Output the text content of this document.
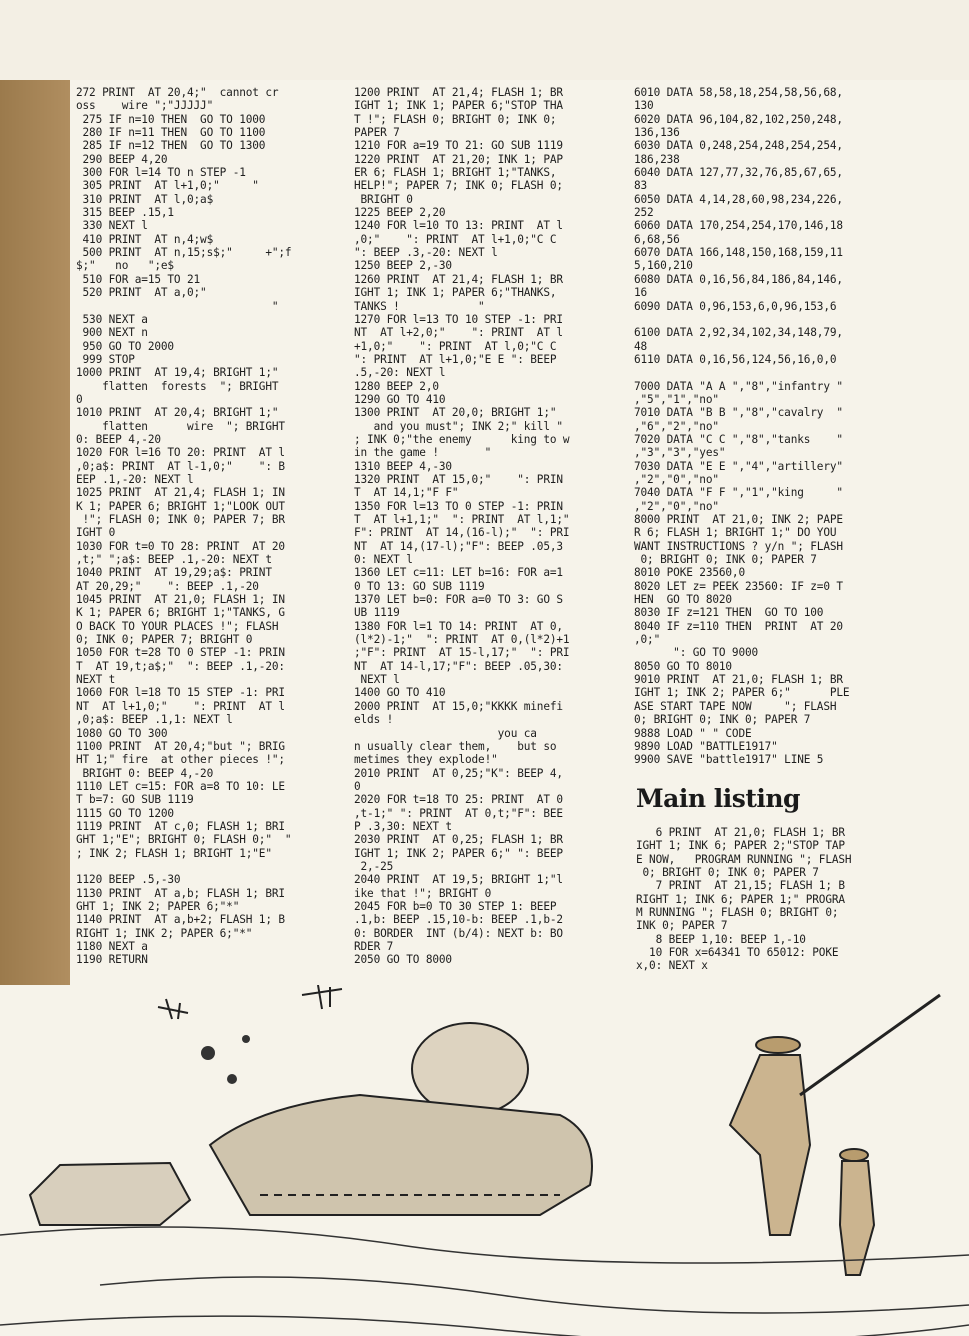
272 PRINT  AT 20,4;"  cannot cr
oss    wire ";"JJJJJ"
275 IF n=10 THEN  GO TO 1000
280 IF n=11 THEN  GO TO 1100
285 IF n=12 THEN  GO TO 1300
290 BEEP 4,20
300 FOR l=14 TO n STEP -1
305 PRINT  AT l+1,0;"     "
310 PRINT  AT l,0;a$
315 BEEP .15,1
330 NEXT l
410 PRINT  AT n,4;w$
500 PRINT  AT n,15;s$;"     +";f
$;"   no   ";e$
510 FOR a=15 TO 21
520 PRINT  AT a,0;"
"
530 NEXT a
900 NEXT n
950 GO TO 2000
999 STOP
1000 PRINT  AT 19,4; BRIGHT 1;"
flatten  forests  "; BRIGHT
0
1010 PRINT  AT 20,4; BRIGHT 1;"
flatten      wire  "; BRIGHT
0: BEEP 4,-20
1020 FOR l=16 TO 20: PRINT  AT l
,0;a$: PRINT  AT l-1,0;"    ": B
EEP .1,-20: NEXT l
1025 PRINT  AT 21,4; FLASH 1; IN
K 1; PAPER 6; BRIGHT 1;"LOOK OUT
!"; FLASH 0; INK 0; PAPER 7; BR
IGHT 0
1030 FOR t=0 TO 28: PRINT  AT 20
,t;" ";a$: BEEP .1,-20: NEXT t
1040 PRINT  AT 19,29;a$: PRINT
AT 20,29;"    ": BEEP .1,-20
1045 PRINT  AT 21,0; FLASH 1; IN
K 1; PAPER 6; BRIGHT 1;"TANKS, G
O BACK TO YOUR PLACES !"; FLASH
0; INK 0; PAPER 7; BRIGHT 0
1050 FOR t=28 TO 0 STEP -1: PRIN
T  AT 19,t;a$;"  ": BEEP .1,-20:
NEXT t
1060 FOR l=18 TO 15 STEP -1: PRI
NT  AT l+1,0;"    ": PRINT  AT l
,0;a$: BEEP .1,1: NEXT l
1080 GO TO 300
1100 PRINT  AT 20,4;"but "; BRIG
HT 1;" fire  at other pieces !";
BRIGHT 0: BEEP 4,-20
1110 LET c=15: FOR a=8 TO 10: LE
T b=7: GO SUB 1119
1115 GO TO 1200
1119 PRINT  AT c,0; FLASH 1; BRI
GHT 1;"E"; BRIGHT 0; FLASH 0;"  "
; INK 2; FLASH 1; BRIGHT 1;"E"
1120 BEEP .5,-30
1130 PRINT  AT a,b; FLASH 1; BRI
GHT 1; INK 2; PAPER 6;"*"
1140 PRINT  AT a,b+2; FLASH 1; B
RIGHT 1; INK 2; PAPER 6;"*"
1180 NEXT a
1190 RETURN
1200 PRINT  AT 21,4; FLASH 1; BR
IGHT 1; INK 1; PAPER 6;"STOP THA
T !"; FLASH 0; BRIGHT 0; INK 0;
PAPER 7
1210 FOR a=19 TO 21: GO SUB 1119
1220 PRINT  AT 21,20; INK 1; PAP
ER 6; FLASH 1; BRIGHT 1;"TANKS,
HELP!"; PAPER 7; INK 0; FLASH 0;
BRIGHT 0
1225 BEEP 2,20
1240 FOR l=10 TO 13: PRINT  AT l
,0;"    ": PRINT  AT l+1,0;"C C
": BEEP .3,-20: NEXT l
1250 BEEP 2,-30
1260 PRINT  AT 21,4; FLASH 1; BR
IGHT 1; INK 1; PAPER 6;"THANKS,
TANKS !            "
1270 FOR l=13 TO 10 STEP -1: PRI
NT  AT l+2,0;"    ": PRINT  AT l
+1,0;"    ": PRINT  AT l,0;"C C
": PRINT  AT l+1,0;"E E ": BEEP
.5,-20: NEXT l
1280 BEEP 2,0
1290 GO TO 410
1300 PRINT  AT 20,0; BRIGHT 1;"
and you must"; INK 2;" kill "
; INK 0;"the enemy      king to w
in the game !       "
1310 BEEP 4,-30
1320 PRINT  AT 15,0;"    ": PRIN
T  AT 14,1;"F F"
1350 FOR l=13 TO 0 STEP -1: PRIN
T  AT l+1,1;"  ": PRINT  AT l,1;"
F": PRINT  AT 14,(16-l);"  ": PRI
NT  AT 14,(17-l);"F": BEEP .05,3
0: NEXT l
1360 LET c=11: LET b=16: FOR a=1
0 TO 13: GO SUB 1119
1370 LET b=0: FOR a=0 TO 3: GO S
UB 1119
1380 FOR l=1 TO 14: PRINT  AT 0,
(l*2)-1;"  ": PRINT  AT 0,(l*2)+1
;"F": PRINT  AT 15-l,17;"  ": PRI
NT  AT 14-l,17;"F": BEEP .05,30:
NEXT l
1400 GO TO 410
2000 PRINT  AT 15,0;"KKKK minefi
elds !
you ca
n usually clear them,    but so
metimes they explode!"
2010 PRINT  AT 0,25;"K": BEEP 4,
0
2020 FOR t=18 TO 25: PRINT  AT 0
,t-1;" ": PRINT  AT 0,t;"F": BEE
P .3,30: NEXT t
2030 PRINT  AT 0,25; FLASH 1; BR
IGHT 1; INK 2; PAPER 6;" ": BEEP
2,-25
2040 PRINT  AT 19,5; BRIGHT 1;"l
ike that !"; BRIGHT 0
2045 FOR b=0 TO 30 STEP 1: BEEP
.1,b: BEEP .15,10-b: BEEP .1,b-2
0: BORDER  INT (b/4): NEXT b: BO
RDER 7
2050 GO TO 8000
6010 DATA 58,58,18,254,58,56,68,
130
6020 DATA 96,104,82,102,250,248,
136,136
6030 DATA 0,248,254,248,254,254,
186,238
6040 DATA 127,77,32,76,85,67,65,
83
6050 DATA 4,14,28,60,98,234,226,
252
6060 DATA 170,254,254,170,146,18
6,68,56
6070 DATA 166,148,150,168,159,11
5,160,210
6080 DATA 0,16,56,84,186,84,146,
16
6090 DATA 0,96,153,6,0,96,153,6
6100 DATA 2,92,34,102,34,148,79,
48
6110 DATA 0,16,56,124,56,16,0,0
7000 DATA "A A ","8","infantry "
,"5","1","no"
7010 DATA "B B ","8","cavalry  "
,"6","2","no"
7020 DATA "C C ","8","tanks    "
,"3","3","yes"
7030 DATA "E E ","4","artillery"
,"2","0","no"
7040 DATA "F F ","1","king     "
,"2","0","no"
8000 PRINT  AT 21,0; INK 2; PAPE
R 6; FLASH 1; BRIGHT 1;" DO YOU
WANT INSTRUCTIONS ? y/n "; FLASH
0; BRIGHT 0; INK 0; PAPER 7
8010 POKE 23560,0
8020 LET z= PEEK 23560: IF z=0 T
HEN  GO TO 8020
8030 IF z=121 THEN  GO TO 100
8040 IF z=110 THEN  PRINT  AT 20
,0;"
": GO TO 9000
8050 GO TO 8010
9010 PRINT  AT 21,0; FLASH 1; BR
IGHT 1; INK 2; PAPER 6;"      PLE
ASE START TAPE NOW     "; FLASH
0; BRIGHT 0; INK 0; PAPER 7
9888 LOAD " " CODE
9890 LOAD "BATTLE1917"
9900 SAVE "battle1917" LINE 5
Main listing
6 PRINT  AT 21,0; FLASH 1; BR
IGHT 1; INK 6; PAPER 2;"STOP TAP
E NOW,   PROGRAM RUNNING "; FLASH
0; BRIGHT 0; INK 0; PAPER 7
7 PRINT  AT 21,15; FLASH 1; B
RIGHT 1; INK 6; PAPER 1;" PROGRA
M RUNNING "; FLASH 0; BRIGHT 0;
INK 0; PAPER 7
8 BEEP 1,10: BEEP 1,-10
10 FOR x=64341 TO 65012: POKE
x,0: NEXT x
